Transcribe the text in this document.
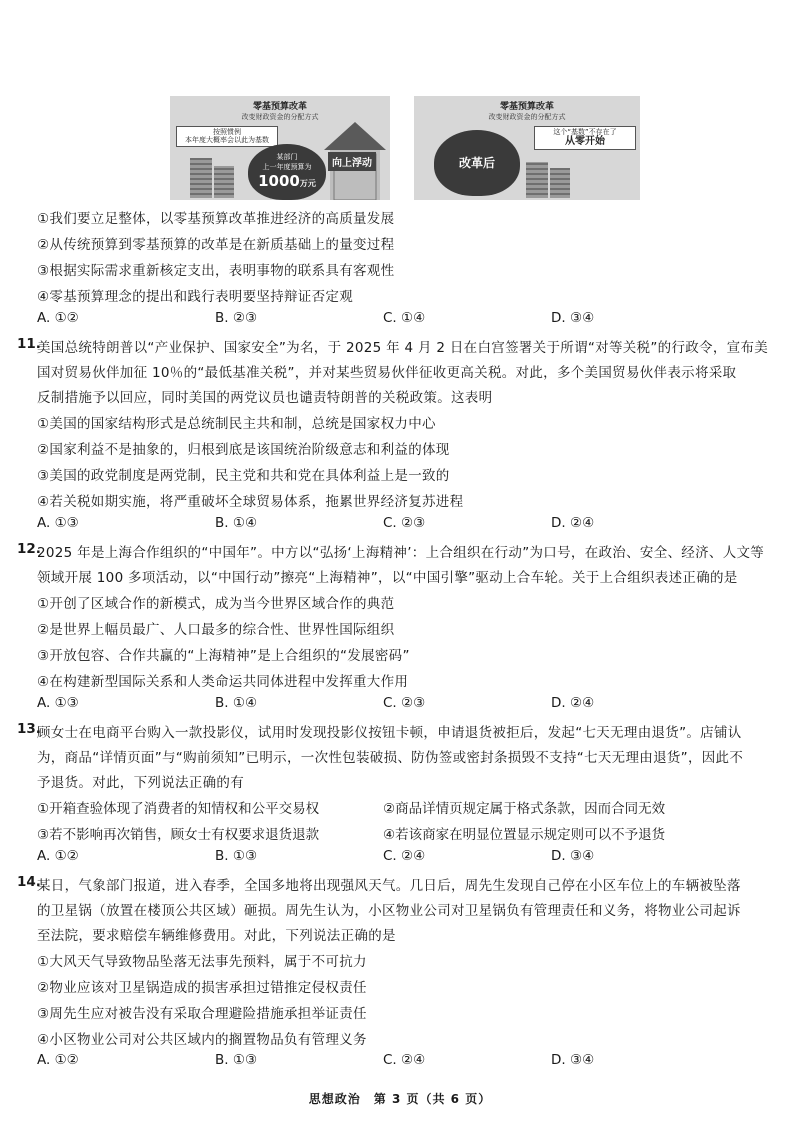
零基预算改革
改变财政资金的分配方式
按照惯例
本年度大概率会以此为基数
某部门
上一年度预算为
1000万元
向上浮动
零基预算改革
改变财政资金的分配方式
改革后
这个“基数”不存在了
从零开始
①我们要立足整体，以零基预算改革推进经济的高质量发展
②从传统预算到零基预算的改革是在新质基础上的量变过程
③根据实际需求重新核定支出，表明事物的联系具有客观性
④零基预算理念的提出和践行表明要坚持辩证否定观
A. ①②	B. ②③	C. ①④	D. ③④
11.
美国总统特朗普以“产业保护、国家安全”为名，于 2025 年 4 月 2 日在白宫签署关于所谓“对等关税”的行政令，宣布美
国对贸易伙伴加征 10％的“最低基准关税”，并对某些贸易伙伴征收更高关税。对此，多个美国贸易伙伴表示将采取
反制措施予以回应，同时美国的两党议员也谴责特朗普的关税政策。这表明
①美国的国家结构形式是总统制民主共和制，总统是国家权力中心
②国家利益不是抽象的，归根到底是该国统治阶级意志和利益的体现
③美国的政党制度是两党制，民主党和共和党在具体利益上是一致的
④若关税如期实施，将严重破坏全球贸易体系，拖累世界经济复苏进程
A. ①③	B. ①④	C. ②③	D. ②④
12.
2025 年是上海合作组织的“中国年”。中方以“弘扬‘上海精神’：上合组织在行动”为口号，在政治、安全、经济、人文等
领域开展 100 多项活动，以“中国行动”擦亮“上海精神”，以“中国引擎”驱动上合车轮。关于上合组织表述正确的是
①开创了区域合作的新模式，成为当今世界区域合作的典范
②是世界上幅员最广、人口最多的综合性、世界性国际组织
③开放包容、合作共赢的“上海精神”是上合组织的“发展密码”
④在构建新型国际关系和人类命运共同体进程中发挥重大作用
A. ①③	B. ①④	C. ②③	D. ②④
13.
顾女士在电商平台购入一款投影仪，试用时发现投影仪按钮卡顿，申请退货被拒后，发起“七天无理由退货”。店铺认
为，商品“详情页面”与“购前须知”已明示，一次性包装破损、防伪签或密封条损毁不支持“七天无理由退货”，因此不
予退货。对此，下列说法正确的有
①开箱查验体现了消费者的知情权和公平交易权	②商品详情页规定属于格式条款，因而合同无效
③若不影响再次销售，顾女士有权要求退货退款	④若该商家在明显位置显示规定则可以不予退货
A. ①②	B. ①③	C. ②④	D. ③④
14.
某日，气象部门报道，进入春季，全国多地将出现强风天气。几日后，周先生发现自己停在小区车位上的车辆被坠落
的卫星锅（放置在楼顶公共区域）砸损。周先生认为，小区物业公司对卫星锅负有管理责任和义务，将物业公司起诉
至法院，要求赔偿车辆维修费用。对此，下列说法正确的是
①大风天气导致物品坠落无法事先预料，属于不可抗力
②物业应该对卫星锅造成的损害承担过错推定侵权责任
③周先生应对被告没有采取合理避险措施承担举证责任
④小区物业公司对公共区域内的搁置物品负有管理义务
A. ①②	B. ①③	C. ②④	D. ③④
思想政治　第 3 页（共 6 页）
